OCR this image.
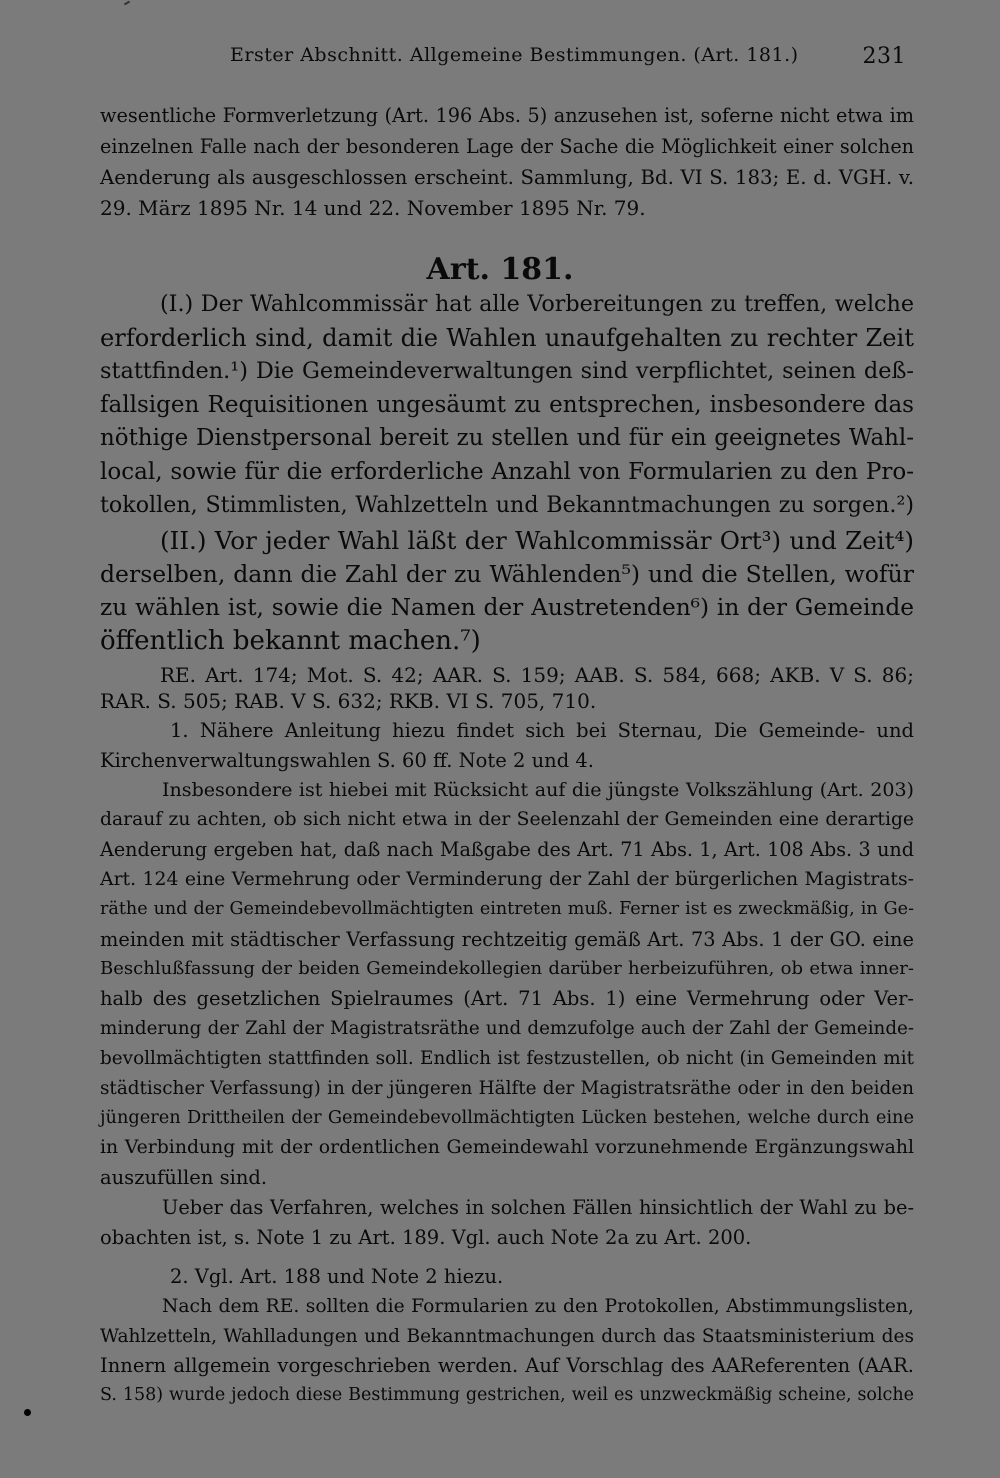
Erster Abschnitt. Allgemeine Bestimmungen. (Art. 181.)	231
wesentliche Formverletzung (Art. 196 Abs. 5) anzusehen ist, soferne nicht etwa im
einzelnen Falle nach der besonderen Lage der Sache die Möglichkeit einer solchen
Aenderung als ausgeschlossen erscheint. Sammlung, Bd. VI S. 183; E. d. VGH. v.
29. März 1895 Nr. 14 und 22. November 1895 Nr. 79.
Art. 181.
(I.) Der Wahlcommissär hat alle Vorbereitungen zu treffen, welche
erforderlich sind, damit die Wahlen unaufgehalten zu rechter Zeit
stattfinden.¹) Die Gemeindeverwaltungen sind verpflichtet, seinen deß-
fallsigen Requisitionen ungesäumt zu entsprechen, insbesondere das
nöthige Dienstpersonal bereit zu stellen und für ein geeignetes Wahl-
local, sowie für die erforderliche Anzahl von Formularien zu den Pro-
tokollen, Stimmlisten, Wahlzetteln und Bekanntmachungen zu sorgen.²)
(II.) Vor jeder Wahl läßt der Wahlcommissär Ort³) und Zeit⁴)
derselben, dann die Zahl der zu Wählenden⁵) und die Stellen, wofür
zu wählen ist, sowie die Namen der Austretenden⁶) in der Gemeinde
öffentlich bekannt machen.⁷)
RE. Art. 174; Mot. S. 42; AAR. S. 159; AAB. S. 584, 668; AKB. V S. 86;
RAR. S. 505; RAB. V S. 632; RKB. VI S. 705, 710.
1. Nähere Anleitung hiezu findet sich bei Sternau, Die Gemeinde- und
Kirchenverwaltungswahlen S. 60 ff. Note 2 und 4.
Insbesondere ist hiebei mit Rücksicht auf die jüngste Volkszählung (Art. 203)
darauf zu achten, ob sich nicht etwa in der Seelenzahl der Gemeinden eine derartige
Aenderung ergeben hat, daß nach Maßgabe des Art. 71 Abs. 1, Art. 108 Abs. 3 und
Art. 124 eine Vermehrung oder Verminderung der Zahl der bürgerlichen Magistrats-
räthe und der Gemeindebevollmächtigten eintreten muß. Ferner ist es zweckmäßig, in Ge-
meinden mit städtischer Verfassung rechtzeitig gemäß Art. 73 Abs. 1 der GO. eine
Beschlußfassung der beiden Gemeindekollegien darüber herbeizuführen, ob etwa inner-
halb des gesetzlichen Spielraumes (Art. 71 Abs. 1) eine Vermehrung oder Ver-
minderung der Zahl der Magistratsräthe und demzufolge auch der Zahl der Gemeinde-
bevollmächtigten stattfinden soll. Endlich ist festzustellen, ob nicht (in Gemeinden mit
städtischer Verfassung) in der jüngeren Hälfte der Magistratsräthe oder in den beiden
jüngeren Drittheilen der Gemeindebevollmächtigten Lücken bestehen, welche durch eine
in Verbindung mit der ordentlichen Gemeindewahl vorzunehmende Ergänzungswahl
auszufüllen sind.
Ueber das Verfahren, welches in solchen Fällen hinsichtlich der Wahl zu be-
obachten ist, s. Note 1 zu Art. 189. Vgl. auch Note 2a zu Art. 200.
2. Vgl. Art. 188 und Note 2 hiezu.
Nach dem RE. sollten die Formularien zu den Protokollen, Abstimmungslisten,
Wahlzetteln, Wahlladungen und Bekanntmachungen durch das Staatsministerium des
Innern allgemein vorgeschrieben werden. Auf Vorschlag des AAReferenten (AAR.
S. 158) wurde jedoch diese Bestimmung gestrichen, weil es unzweckmäßig scheine, solche
